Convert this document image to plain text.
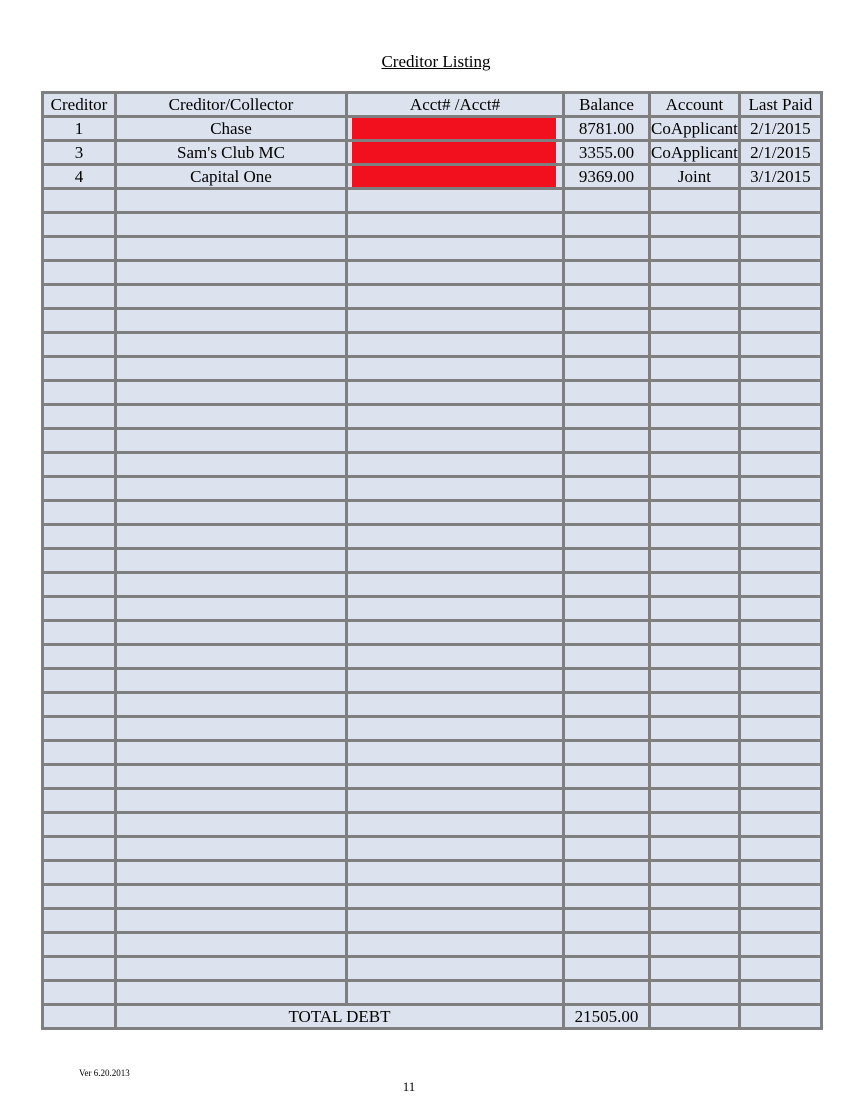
Creditor Listing
Creditor	Creditor/Collector	Acct# /Acct#	Balance	Account	Last Paid
1	Chase		8781.00	CoApplicant	2/1/2015
3	Sam's Club MC		3355.00	CoApplicant	2/1/2015
4	Capital One		9369.00	Joint	3/1/2015

	TOTAL DEBT		21505.00		
Ver 6.20.2013
11
